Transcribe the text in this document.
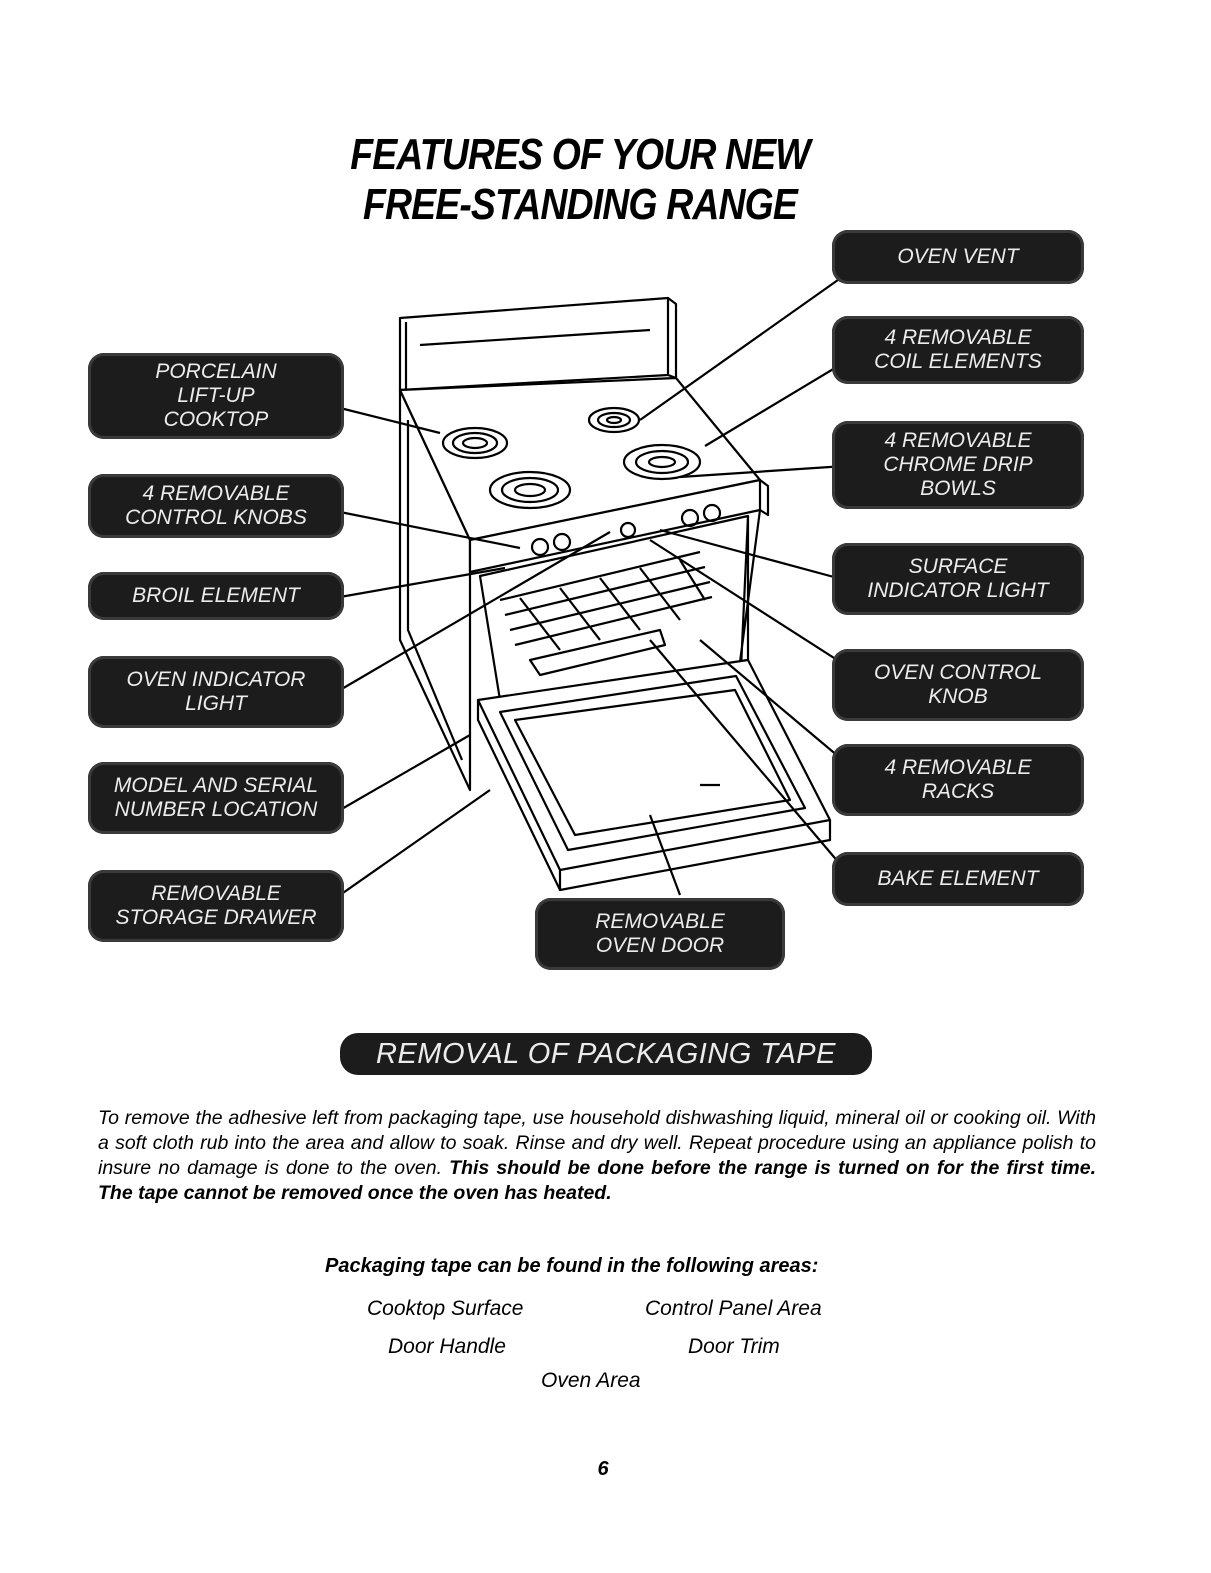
FEATURES OF YOUR NEW
FREE-STANDING RANGE
PORCELAIN
LIFT-UP
COOKTOP
4 REMOVABLE
CONTROL KNOBS
BROIL ELEMENT
OVEN INDICATOR
LIGHT
MODEL AND SERIAL
NUMBER LOCATION
REMOVABLE
STORAGE DRAWER	REMOVABLE
OVEN DOOR
OVEN VENT
4 REMOVABLE
COIL ELEMENTS
4 REMOVABLE
CHROME DRIP
BOWLS
SURFACE
INDICATOR LIGHT
OVEN CONTROL
KNOB
4 REMOVABLE
RACKS
BAKE ELEMENT
REMOVAL OF PACKAGING TAPE
To remove the adhesive left from packaging tape, use household dishwashing liquid, mineral oil or cooking oil. With a soft cloth rub into the area and allow to soak. Rinse and dry well. Repeat procedure using an appliance polish to insure no damage is done to the oven. This should be done before the range is turned on for the first time. The tape cannot be removed once the oven has heated.
Packaging tape can be found in the following areas:
Cooktop Surface	Control Panel Area
Door Handle	Door Trim
Oven Area
6
